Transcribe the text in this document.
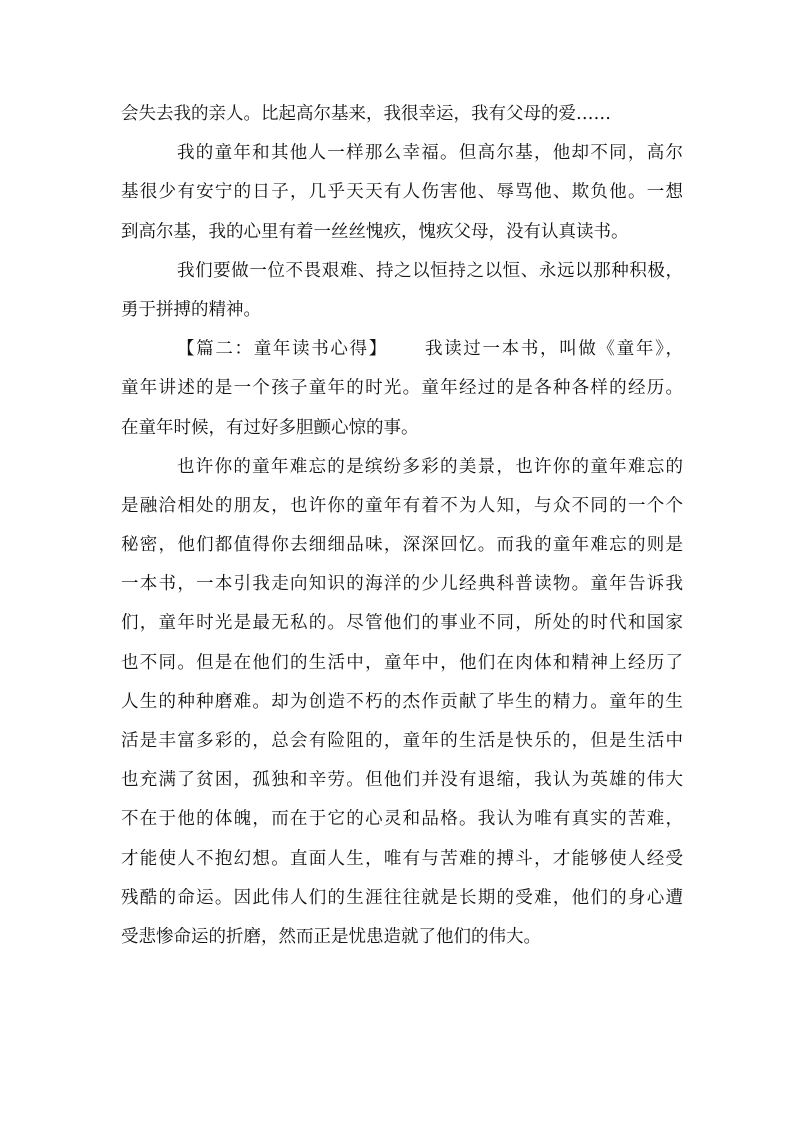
会失去我的亲人。比起高尔基来，我很幸运，我有父母的爱……
我的童年和其他人一样那么幸福。但高尔基，他却不同，高尔
基很少有安宁的日子，几乎天天有人伤害他、辱骂他、欺负他。一想
到高尔基，我的心里有着一丝丝愧疚，愧疚父母，没有认真读书。
我们要做一位不畏艰难、持之以恒持之以恒、永远以那种积极，
勇于拼搏的精神。
【篇二：童年读书心得】 我读过一本书，叫做《童年》，
童年讲述的是一个孩子童年的时光。童年经过的是各种各样的经历。
在童年时候，有过好多胆颤心惊的事。
也许你的童年难忘的是缤纷多彩的美景，也许你的童年难忘的
是融洽相处的朋友，也许你的童年有着不为人知，与众不同的一个个
秘密，他们都值得你去细细品味，深深回忆。而我的童年难忘的则是
一本书，一本引我走向知识的海洋的少儿经典科普读物。童年告诉我
们，童年时光是最无私的。尽管他们的事业不同，所处的时代和国家
也不同。但是在他们的生活中，童年中，他们在肉体和精神上经历了
人生的种种磨难。却为创造不朽的杰作贡献了毕生的精力。童年的生
活是丰富多彩的，总会有险阻的，童年的生活是快乐的，但是生活中
也充满了贫困，孤独和辛劳。但他们并没有退缩，我认为英雄的伟大
不在于他的体魄，而在于它的心灵和品格。我认为唯有真实的苦难，
才能使人不抱幻想。直面人生，唯有与苦难的搏斗，才能够使人经受
残酷的命运。因此伟人们的生涯往往就是长期的受难，他们的身心遭
受悲惨命运的折磨，然而正是忧患造就了他们的伟大。
